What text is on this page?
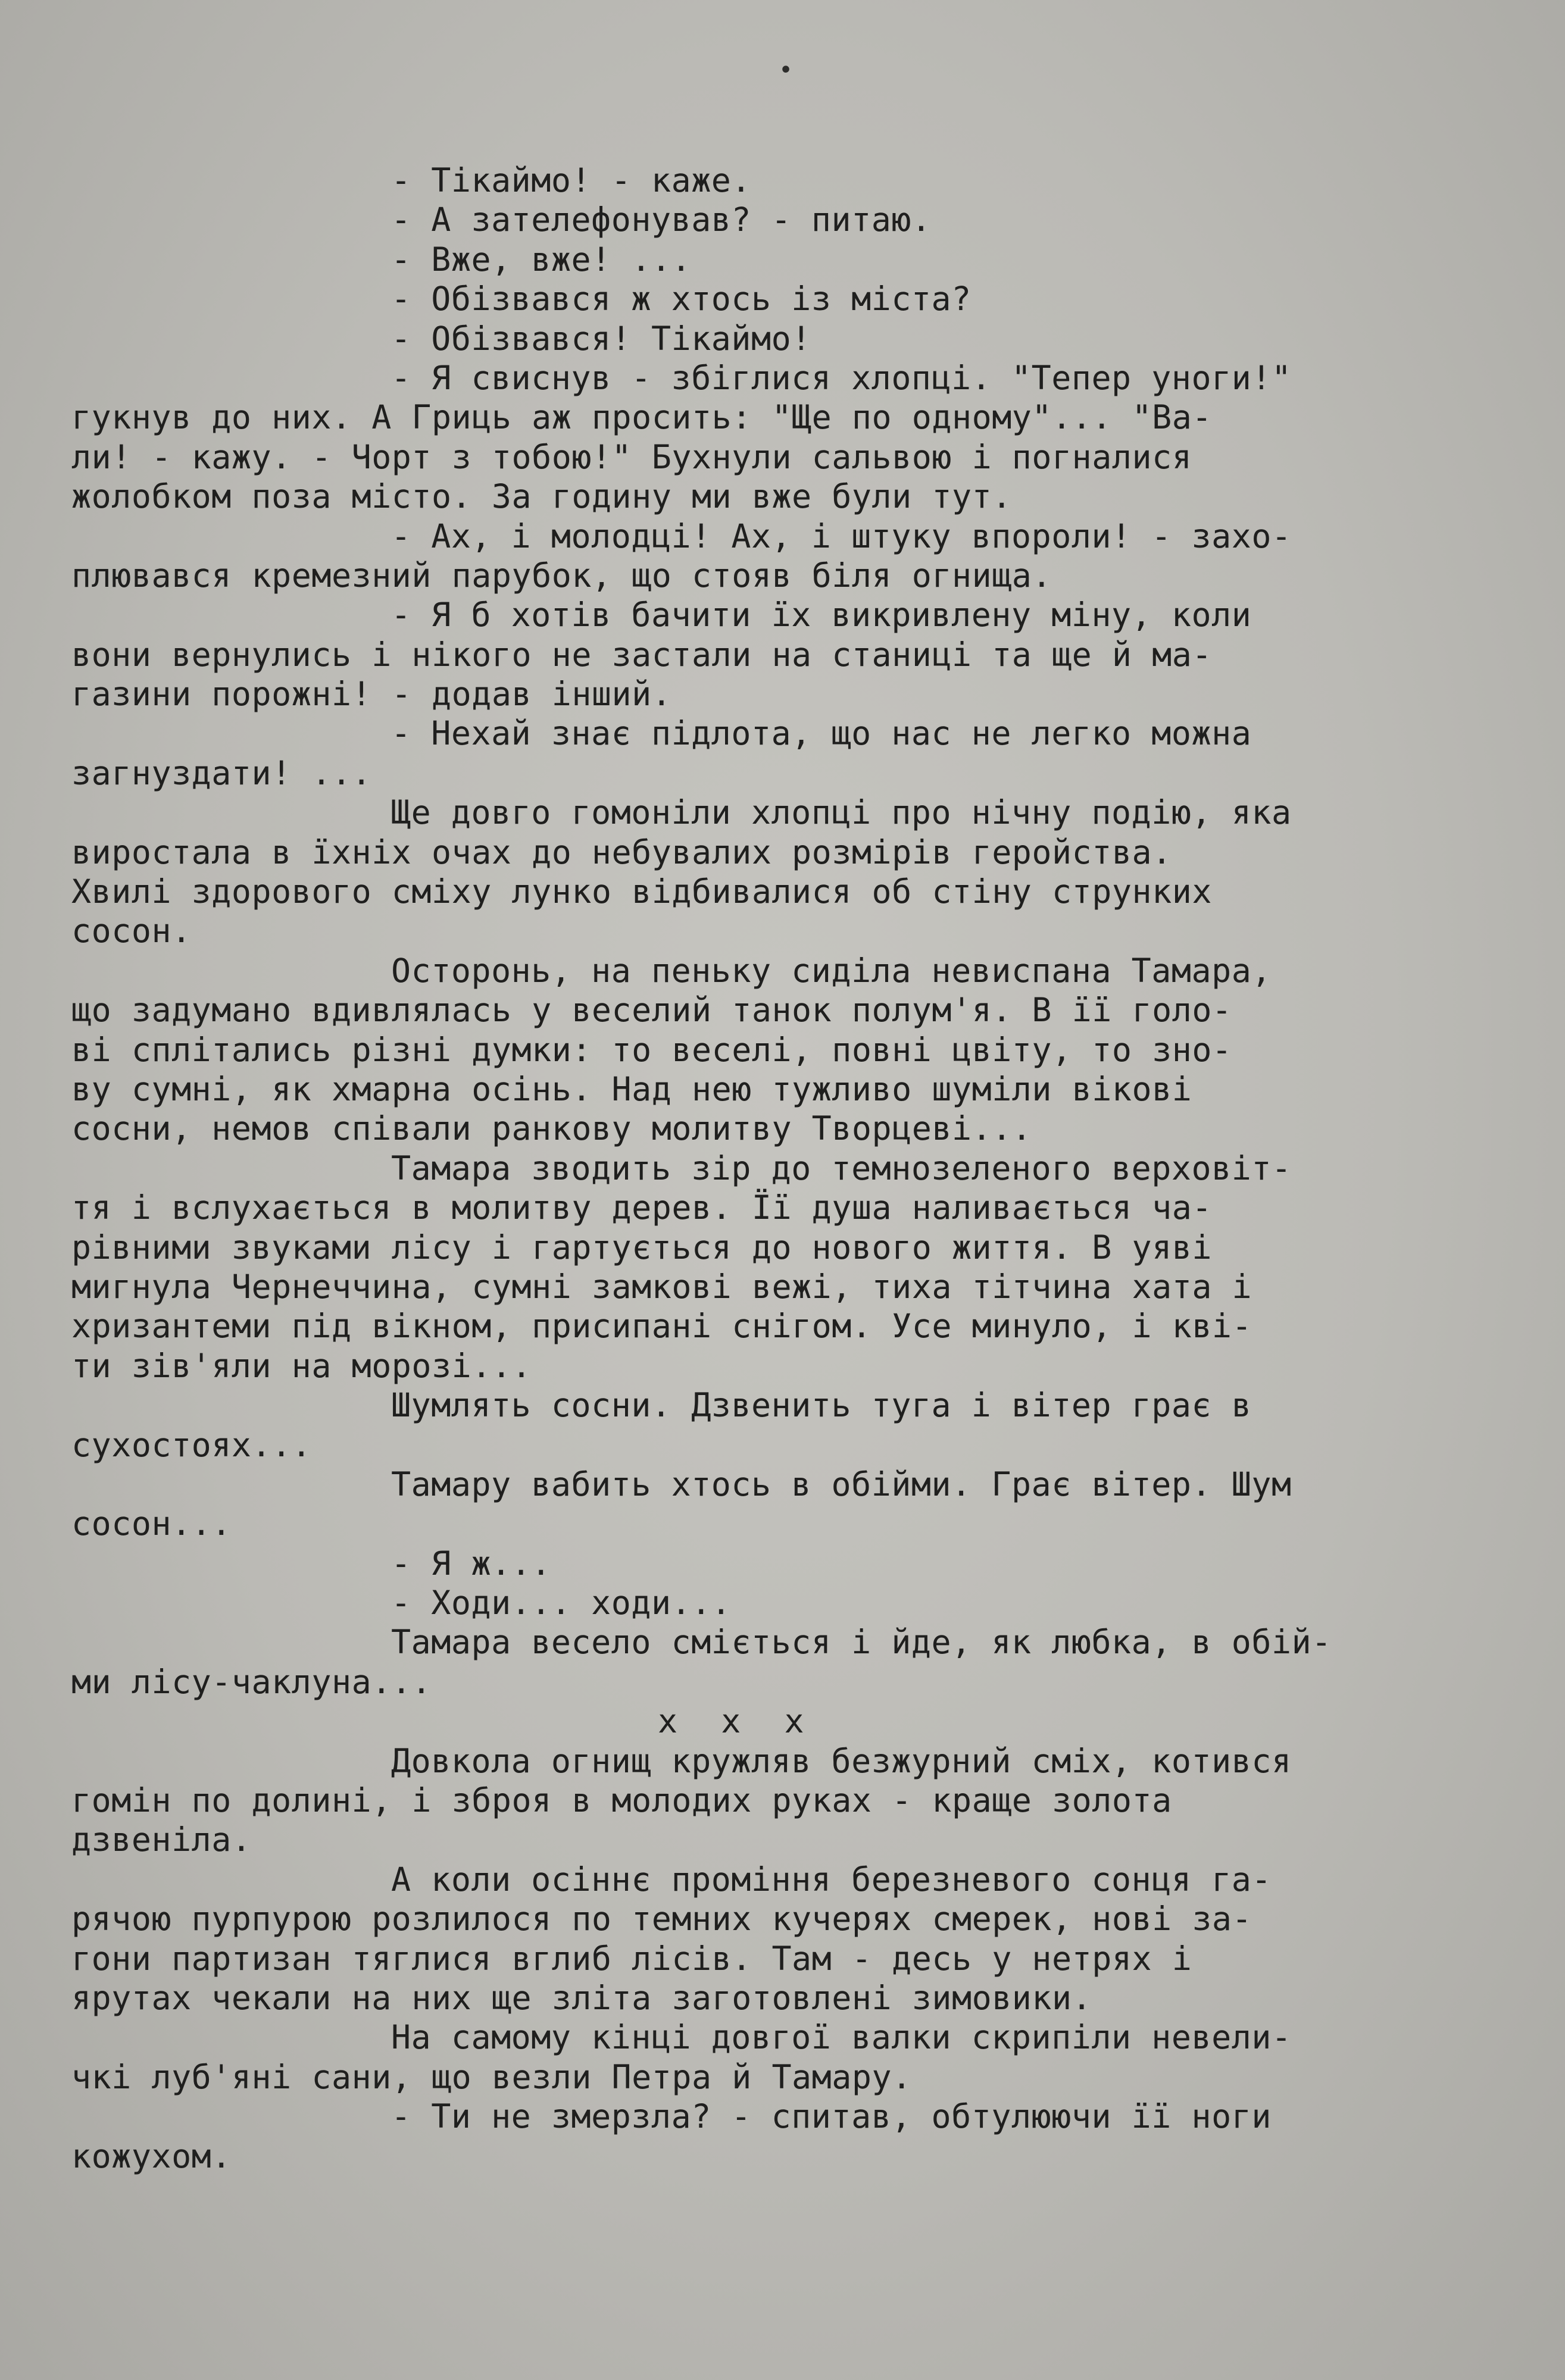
•
- Тікаймо! - каже.
- А зателефонував? - питаю.
- Вже, вже! ...
- Обізвався ж хтось із міста?
- Обізвався! Тікаймо!
- Я свиснув - збіглися хлопці. "Тепер уноги!"
гукнув до них. А Гриць аж просить: "Ще по одному"... "Ва-
ли! - кажу. - Чорт з тобою!" Бухнули сальвою і погналися
жолобком поза місто. За годину ми вже були тут.
- Ах, і молодці! Ах, і штуку впороли! - захо-
плювався кремезний парубок, що стояв біля огнища.
- Я б хотів бачити їх викривлену міну, коли
вони вернулись і нікого не застали на станиці та ще й ма-
газини порожні! - додав інший.
- Нехай знає підлота, що нас не легко можна
загнуздати! ...
Ще довго гомоніли хлопці про нічну подію, яка
виростала в їхніх очах до небувалих розмірів геройства.
Хвилі здорового сміху лунко відбивалися об стіну струнких
сосон.
Осторонь, на пеньку сиділа невиспана Тамара,
що задумано вдивлялась у веселий танок полум'я. В її голо-
ві сплітались різні думки: то веселі, повні цвіту, то зно-
ву сумні, як хмарна осінь. Над нею тужливо шуміли вікові
сосни, немов співали ранкову молитву Творцеві...
Тамара зводить зір до темнозеленого верховіт-
тя і вслухається в молитву дерев. Її душа наливається ча-
рівними звуками лісу і гартується до нового життя. В уяві
мигнула Чернеччина, сумні замкові вежі, тиха тітчина хата і
хризантеми під вікном, присипані снігом. Усе минуло, і кві-
ти зів'яли на морозі...
Шумлять сосни. Дзвенить туга і вітер грає в
сухостоях...
Тамару вабить хтось в обійми. Грає вітер. Шум
сосон...
- Я ж...
- Ходи... ходи...
Тамара весело сміється і йде, як любка, в обій-
ми лісу-чаклуна...
x x x
Довкола огнищ кружляв безжурний сміх, котився
гомін по долині, і зброя в молодих руках - краще золота
дзвеніла.
А коли осіннє проміння березневого сонця га-
рячою пурпурою розлилося по темних кучерях смерек, нові за-
гони партизан тяглися вглиб лісів. Там - десь у нетрях і
ярутах чекали на них ще зліта заготовлені зимовики.
На самому кінці довгої валки скрипіли невели-
чкі луб'яні сани, що везли Петра й Тамару.
- Ти не змерзла? - спитав, обтулюючи її ноги
кожухом.
